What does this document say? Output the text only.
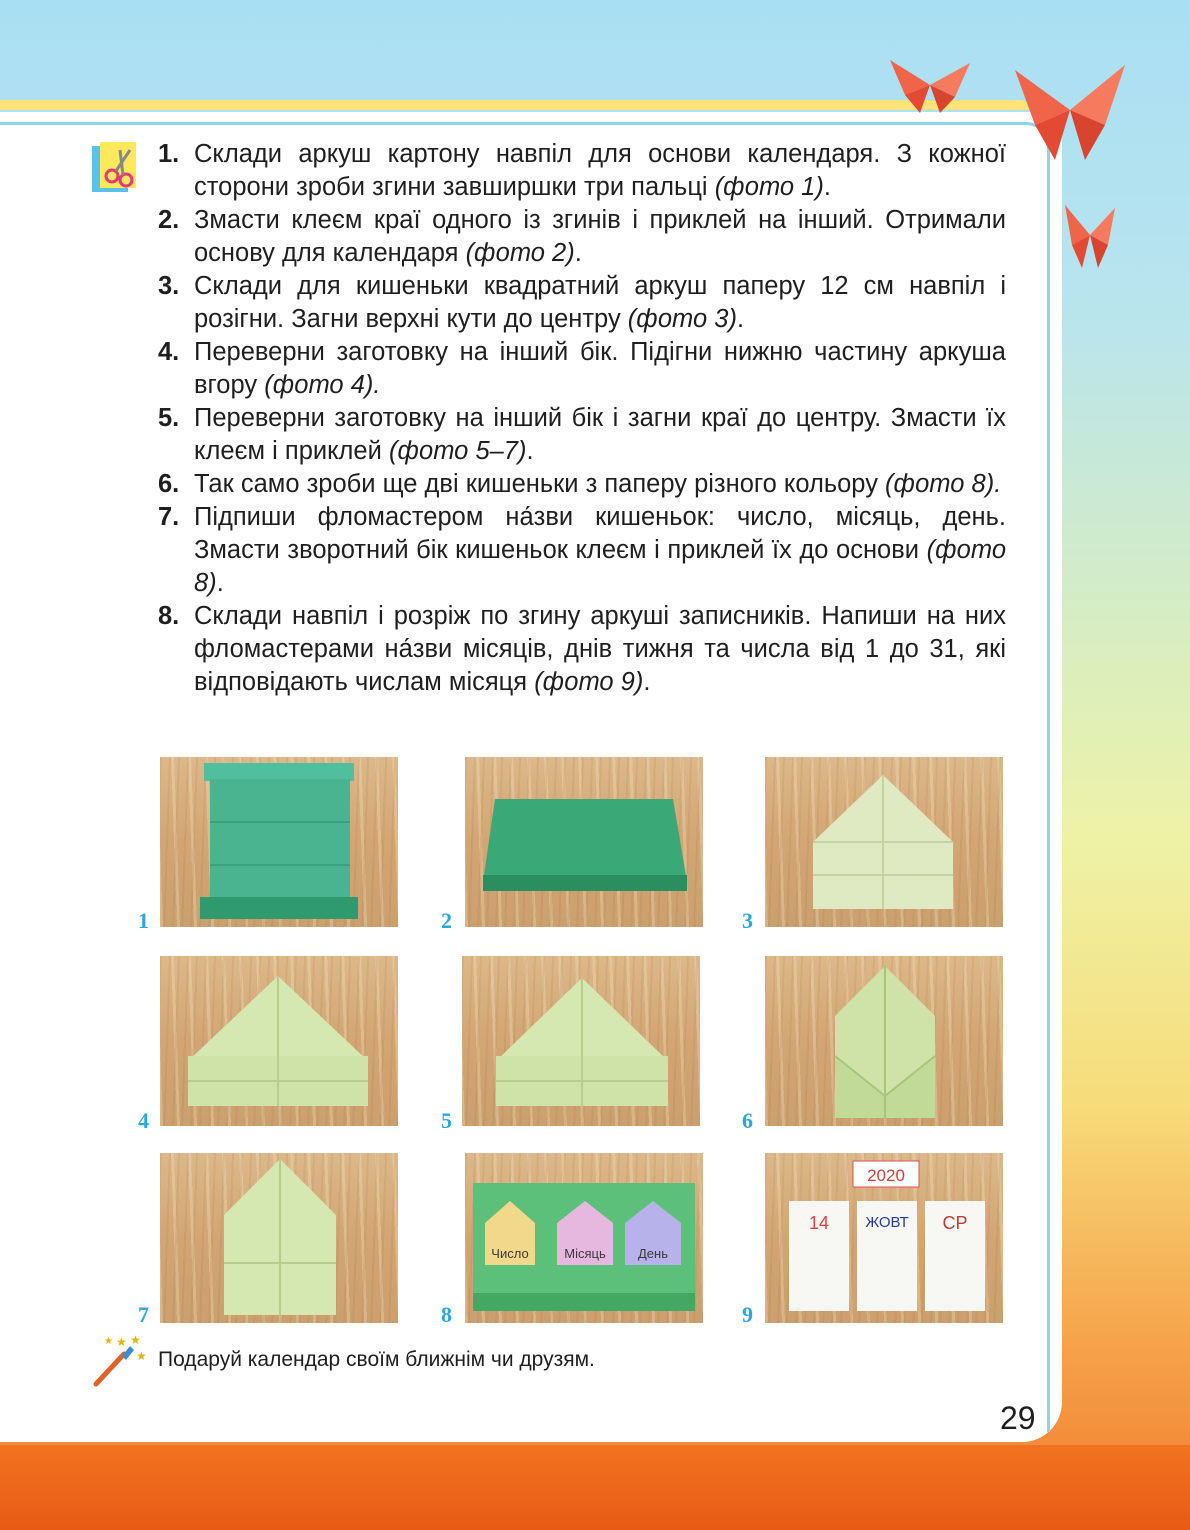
1. Склади аркуш картону навпіл для основи календаря. З кожної сторони зроби згини завширшки три пальці (фото 1).
2. Змасти клеєм краї одного із згинів і приклей на інший. Отримали основу для календаря (фото 2).
3. Склади для кишеньки квадратний аркуш паперу 12 см навпіл і розігни. Загни верхні кути до центру (фото 3).
4. Переверни заготовку на інший бік. Підігни нижню частину аркуша вгору (фото 4).
5. Переверни заготовку на інший бік і загни краї до центру. Змасти їх клеєм і приклей (фото 5–7).
6. Так само зроби ще дві кишеньки з паперу різного кольору (фото 8).
7. Підпиши фломастером на́зви кишеньок: число, місяць, день. Змасти зворотний бік кишеньок клеєм і приклей їх до основи (фото 8).
8. Склади навпіл і розріж по згину аркуші записників. Напиши на них фломастерами на́зви місяців, днів тижня та числа від 1 до 31, які відповідають числам місяця (фото 9).
1	2	3
4	5	6
7
Число	Місяць День
8
2020
14 ЖОВТ СР
9
★ ★
★
★
Подаруй календар своїм ближнім чи друзям.
29
